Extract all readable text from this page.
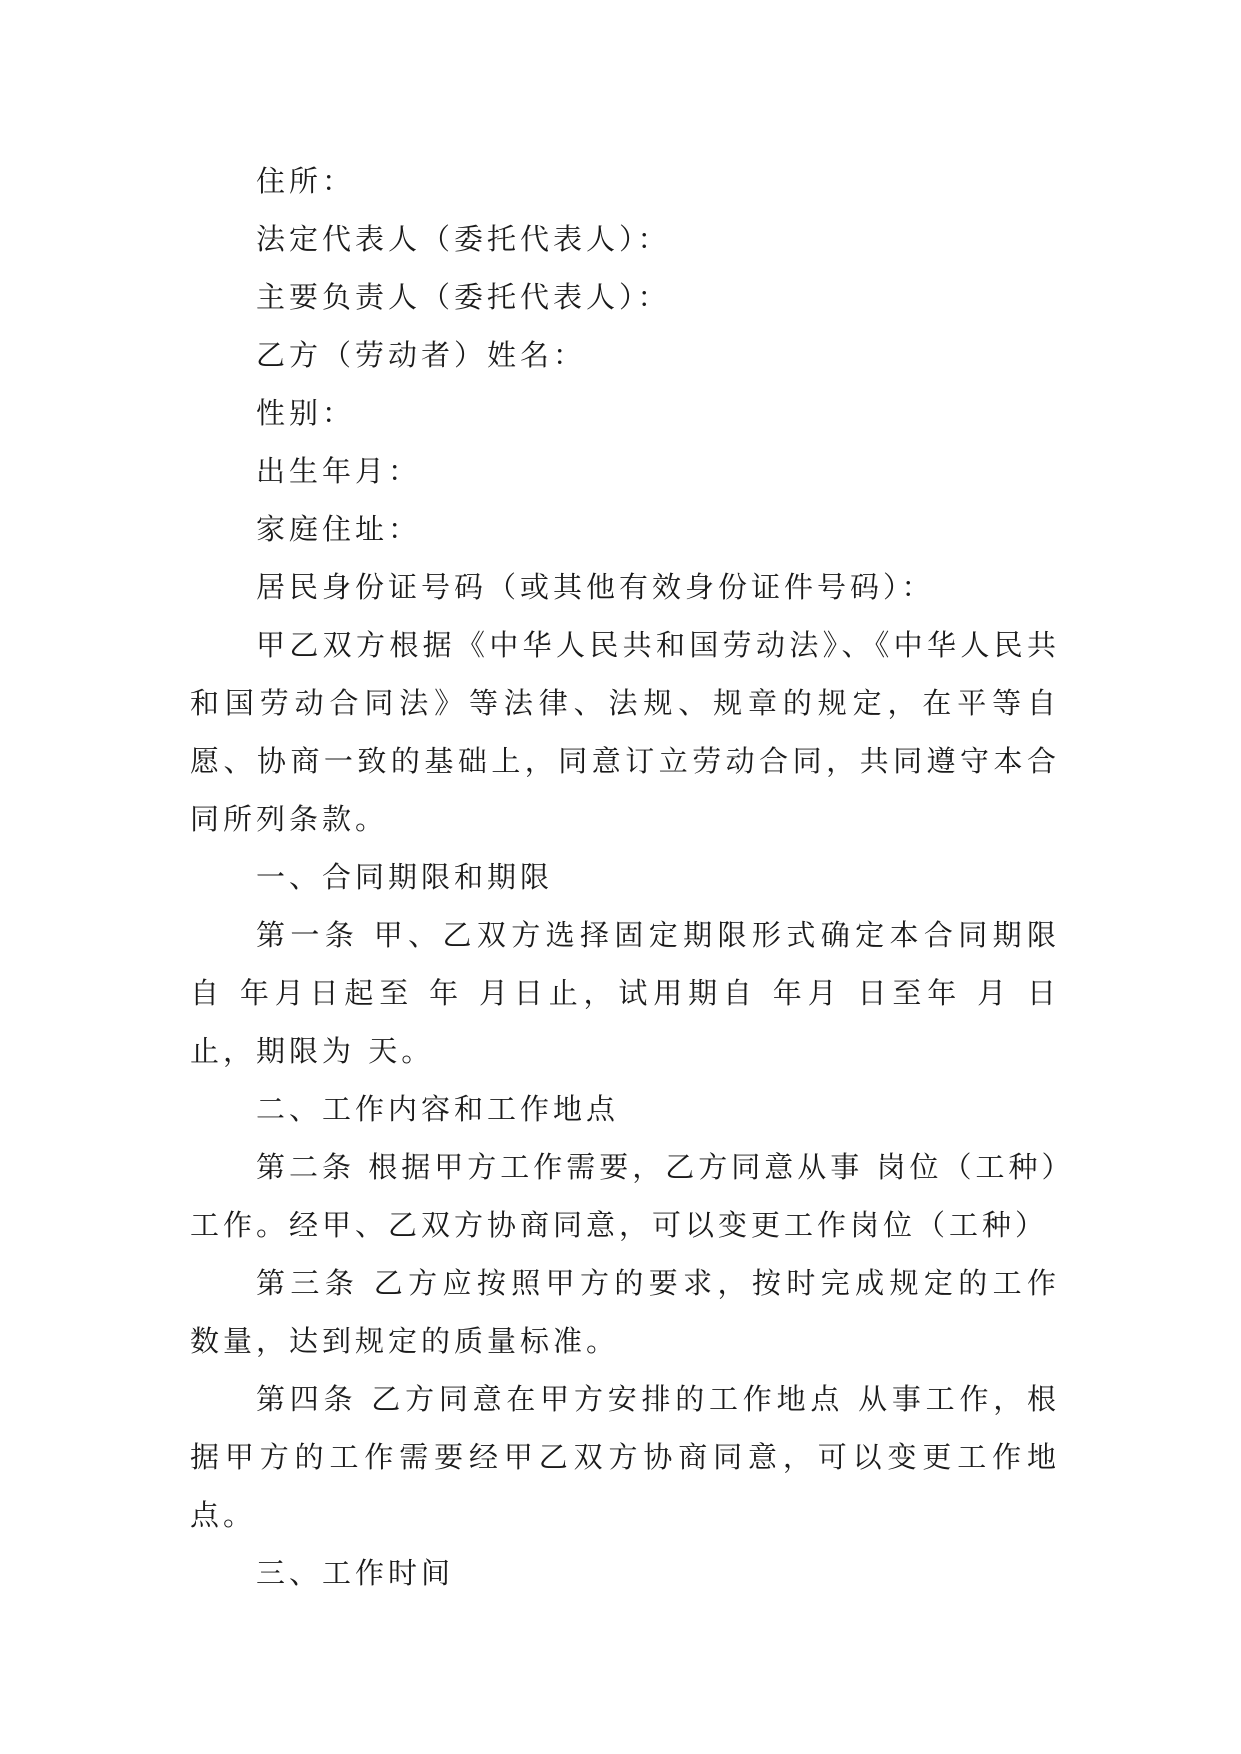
住所：

法定代表人（委托代表人）：

主要负责人（委托代表人）：

乙方（劳动者）姓名：

性别：

出生年月：

家庭住址：

居民身份证号码（或其他有效身份证件号码）：

甲乙双方根据《中华人民共和国劳动法》、《中华人民共和国劳动合同法》等法律、法规、规章的规定，在平等自愿、协商一致的基础上，同意订立劳动合同，共同遵守本合同所列条款。

一、合同期限和期限

第一条 甲、乙双方选择固定期限形式确定本合同期限自 年月日起至 年 月日止，试用期自 年月 日至年 月 日止，期限为 天。

二、工作内容和工作地点

第二条 根据甲方工作需要，乙方同意从事 岗位（工种）工作。经甲、乙双方协商同意，可以变更工作岗位（工种）

第三条 乙方应按照甲方的要求，按时完成规定的工作数量，达到规定的质量标准。

第四条 乙方同意在甲方安排的工作地点 从事工作，根据甲方的工作需要经甲乙双方协商同意，可以变更工作地点。

三、工作时间
